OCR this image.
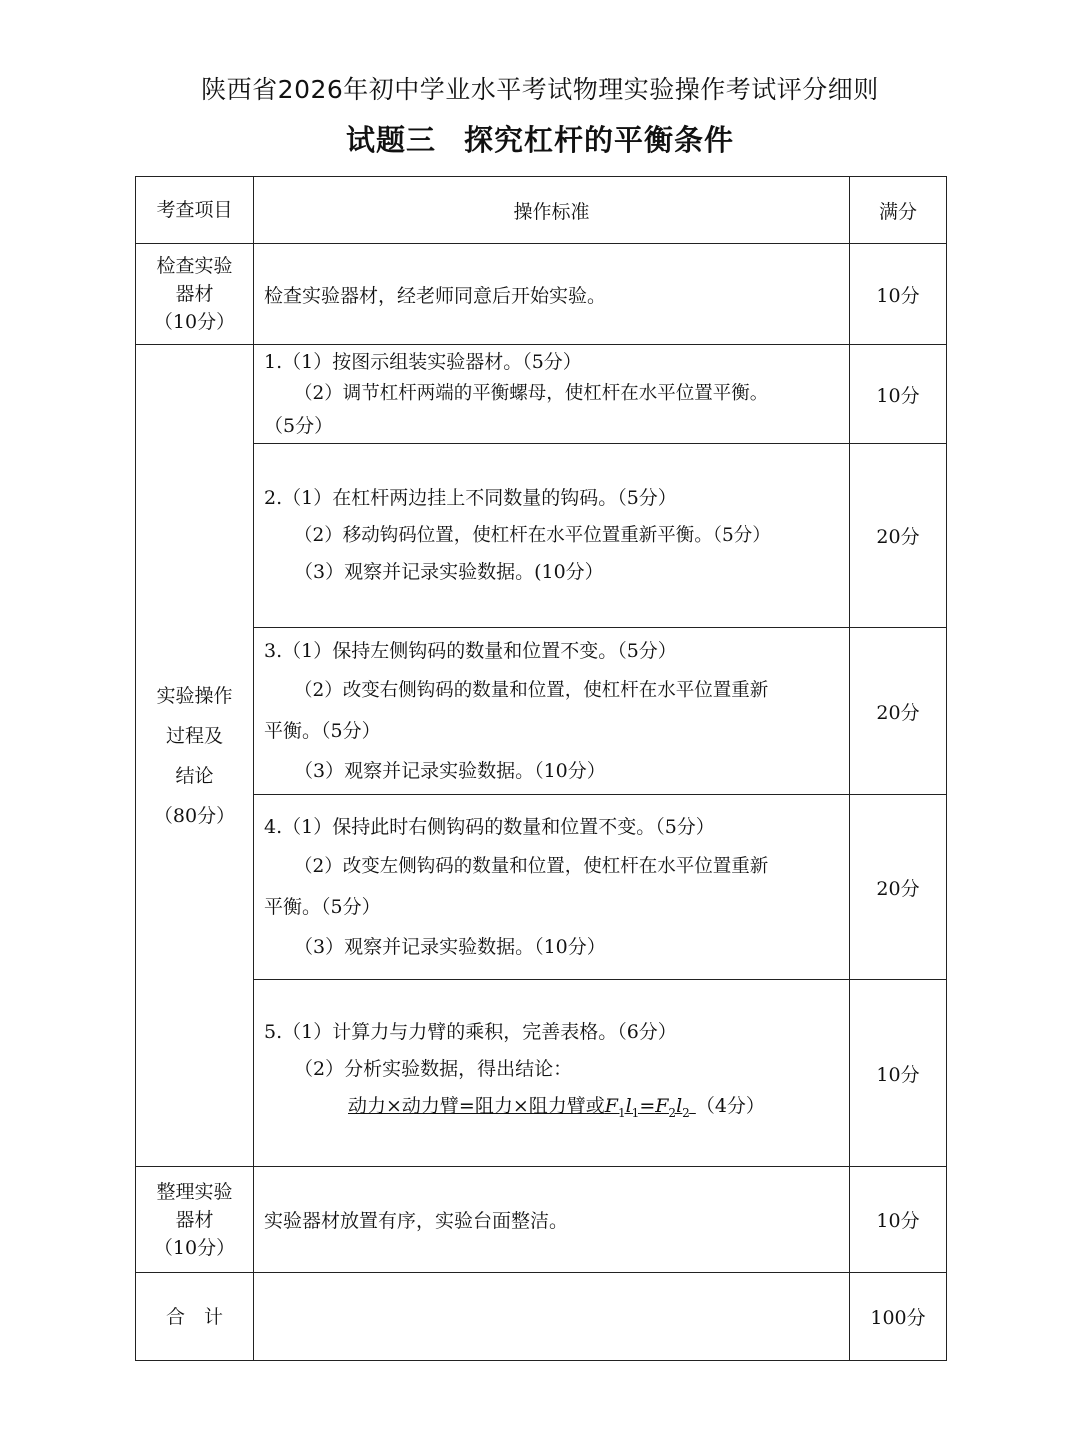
陕西省2026年初中学业水平考试物理实验操作考试评分细则
试题三 探究杠杆的平衡条件
考查项目	操作标准	满分

检查实验
器材
（10分）	检查实验器材，经老师同意后开始实验。	10分

实验操作
过程及
结论
（80分）	1.（1）按图示组装实验器材。（5分）
（2）调节杠杆两端的平衡螺母，使杠杆在水平位置平衡。
（5分）	10分

	2.（1）在杠杆两边挂上不同数量的钩码。（5分）
（2）移动钩码位置，使杠杆在水平位置重新平衡。（5分）
（3）观察并记录实验数据。(10分）	20分

	3.（1）保持左侧钩码的数量和位置不变。（5分）
（2）改变右侧钩码的数量和位置，使杠杆在水平位置重新
平衡。（5分）
（3）观察并记录实验数据。（10分）	20分

	4.（1）保持此时右侧钩码的数量和位置不变。（5分）
（2）改变左侧钩码的数量和位置，使杠杆在水平位置重新
平衡。（5分）
（3）观察并记录实验数据。（10分）	20分

	5.（1）计算力与力臂的乘积，完善表格。（6分）
（2）分析实验数据，得出结论：
动力×动力臂=阻力×阻力臂或$F_1l_1=F_2l_2$ （4分）	10分

整理实验
器材
（10分）	实验器材放置有序，实验台面整洁。	10分
合　计		100分
